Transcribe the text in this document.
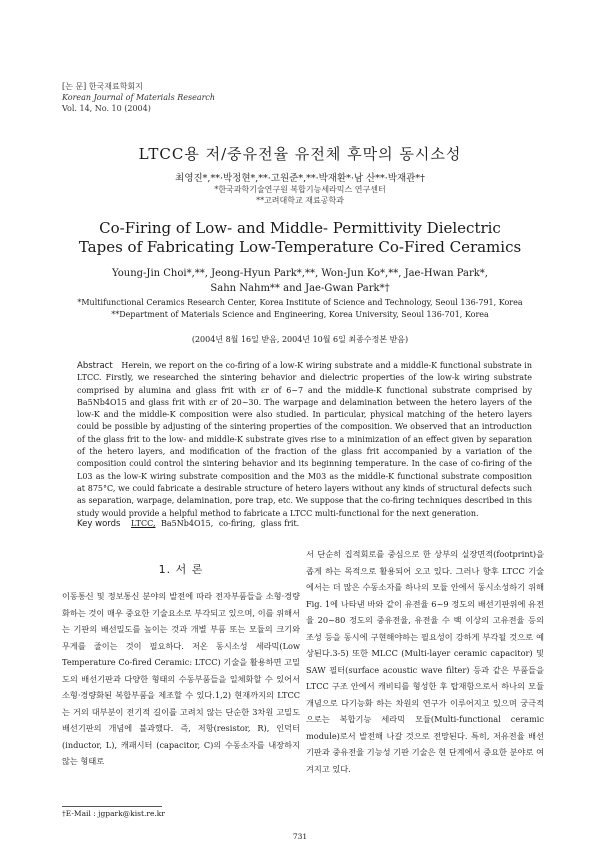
[논 문] 한국재료학회지
Korean Journal of Materials Research
Vol. 14, No. 10 (2004)
LTCC용 저/중유전율 유전체 후막의 동시소성
최영진*,**·박정현*,**·고원준*,**·박재환*·남 산**·박재관*†
*한국과학기술연구원 복합기능세라믹스 연구센터
**고려대학교 재료공학과
Co-Firing of Low- and Middle- Permittivity Dielectric
Tapes of Fabricating Low-Temperature Co-Fired Ceramics
Young-Jin Choi*,**, Jeong-Hyun Park*,**, Won-Jun Ko*,**, Jae-Hwan Park*,
Sahn Nahm** and Jae-Gwan Park*†
*Multifunctional Ceramics Research Center, Korea Institute of Science and Technology, Seoul 136-791, Korea
**Department of Materials Science and Engineering, Korea University, Seoul 136-701, Korea
(2004년 8월 16일 받음, 2004년 10월 6일 최종수정본 받음)
Abstract Herein, we report on the co-firing of a low-K wiring substrate and a middle-K functional substrate in LTCC. Firstly, we researched the sintering behavior and dielectric properties of the low-k wiring substrate comprised by alumina and glass frit with εr of 6~7 and the middle-K functional substrate comprised by Ba5Nb4O15 and glass frit with εr of 20~30. The warpage and delamination between the hetero layers of the low-K and the middle-K composition were also studied. In particular, physical matching of the hetero layers could be possible by adjusting of the sintering properties of the composition. We observed that an introduction of the glass frit to the low- and middle-K substrate gives rise to a minimization of an effect given by separation of the hetero layers, and modification of the fraction of the glass frit accompanied by a variation of the composition could control the sintering behavior and its beginning temperature. In the case of co-firing of the L03 as the low-K wiring substrate composition and the M03 as the middle-K functional substrate composition at 875°C, we could fabricate a desirable structure of hetero layers without any kinds of structural defects such as separation, warpage, delamination, pore trap, etc. We suppose that the co-firing techniques described in this study would provide a helpful method to fabricate a LTCC multi-functional for the next generation.
Key words LTCC, Ba5Nb4O15, co-firing, glass frit.
1. 서 론
이동통신 및 정보통신 분야의 발전에 따라 전자부품들을 소형·경량화하는 것이 매우 중요한 기술요소로 부각되고 있으며, 이를 위해서는 기판의 배선밀도를 높이는 것과 개별 부품 또는 모듈의 크기와 무게를 줄이는 것이 필요하다. 저온 동시소성 세라믹(Low Temperature Co-fired Ceramic: LTCC) 기술을 활용하면 고밀도의 배선기판과 다양한 형태의 수동부품들을 일체화할 수 있어서 소형·경량화된 복합부품을 제조할 수 있다.1,2) 현재까지의 LTCC는 거의 대부분이 전기적 길이를 고려치 않는 단순한 3차원 고밀도 배선기판의 개념에 불과했다. 즉, 저항(resistor, R), 인덕터(inductor, L), 캐패시터 (capacitor, C)의 수동소자를 내장하지 않는 형태로
서 단순히 집적회로를 중심으로 한 상부의 실장면적(footprint)을 좁게 하는 목적으로 활용되어 오고 있다. 그러나 향후 LTCC 기술에서는 더 많은 수동소자를 하나의 모듈 안에서 동시소성하기 위해 Fig. 1에 나타낸 바와 같이 유전율 6~9 정도의 배선기판위에 유전율 20~80 정도의 중유전율, 유전율 수 백 이상의 고유전율 등의 조성 등을 동시에 구현해야하는 필요성이 강하게 부각될 것으로 예상된다.3-5) 또한 MLCC (Multi-layer ceramic capacitor) 및 SAW 필터(surface acoustic wave filter) 등과 같은 부품들을 LTCC 구조 안에서 캐비티를 형성한 후 탑재함으로서 하나의 모듈 개념으로 다기능화 하는 차원의 연구가 이루어지고 있으며 궁극적으로는 복합기능 세라믹 모듈(Multi-functional ceramic module)로서 발전해 나갈 것으로 전망된다. 특히, 저유전율 배선기판과 중유전율 기능성 기판 기술은 현 단계에서 중요한 분야로 여겨지고 있다.
†E-Mail : jgpark@kist.re.kr
731
